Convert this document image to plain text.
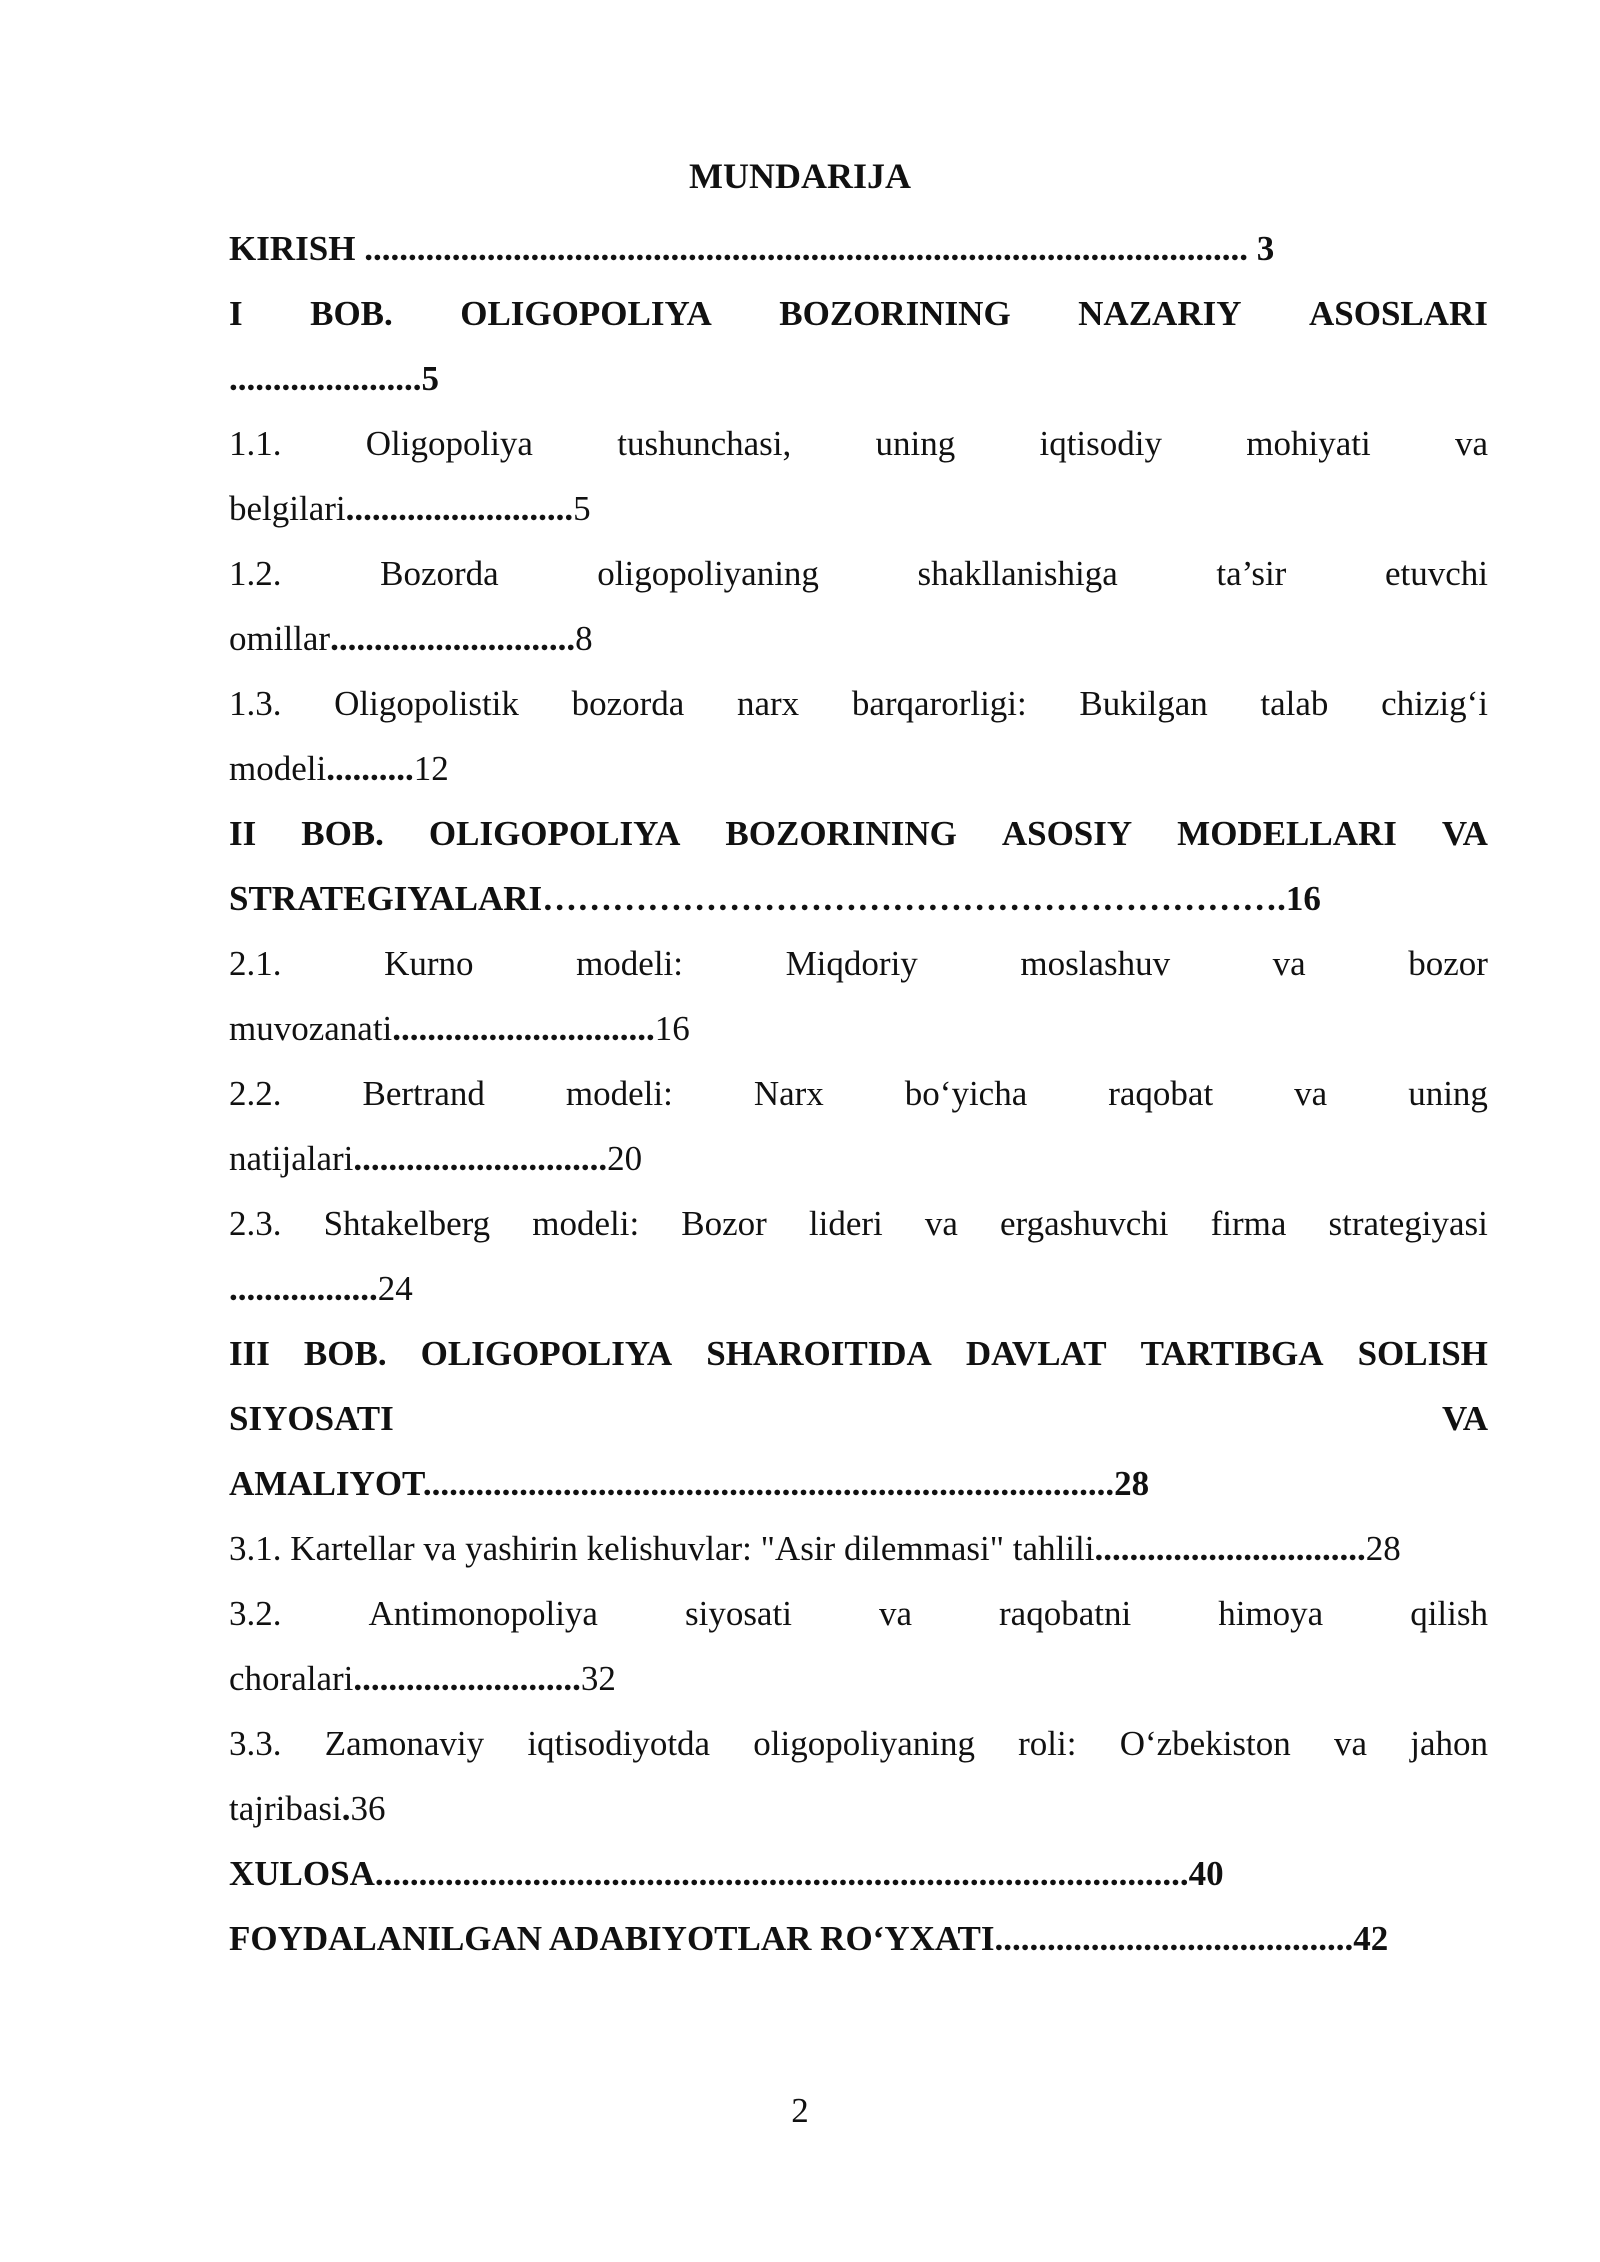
MUNDARIJA
KIRISH ..................................................................................................... 3
I BOB. OLIGOPOLIYA BOZORINING NAZARIY ASOSLARI
......................5
1.1. Oligopoliya tushunchasi, uning iqtisodiy mohiyati va
belgilari..........................5
1.2.	Bozorda	oligopoliyaning	shakllanishiga	ta’sir	etuvchi
omillar............................8
1.3. Oligopolistik bozorda narx barqarorligi: Bukilgan talab chizig‘i
modeli..........12
II BOB. OLIGOPOLIYA BOZORINING ASOSIY MODELLARI VA
STRATEGIYALARI……………………………………………………….16
2.1.	Kurno	modeli:	Miqdoriy	moslashuv	va	bozor
muvozanati..............................16
2.2. Bertrand modeli: Narx bo‘yicha raqobat va uning
natijalari.............................20
2.3. Shtakelberg modeli: Bozor lideri va ergashuvchi firma strategiyasi
.................24
III BOB. OLIGOPOLIYA SHAROITIDA DAVLAT TARTIBGA SOLISH
SIYOSATI	VA
AMALIYOT...............................................................................28
3.1. Kartellar va yashirin kelishuvlar: "Asir dilemmasi" tahlili...............................28
3.2. Antimonopoliya siyosati va raqobatni himoya qilish
choralari..........................32
3.3. Zamonaviy iqtisodiyotda oligopoliyaning roli: O‘zbekiston va jahon
tajribasi.36
XULOSA.............................................................................................40
FOYDALANILGAN ADABIYOTLAR RO‘YXATI.........................................42
2
